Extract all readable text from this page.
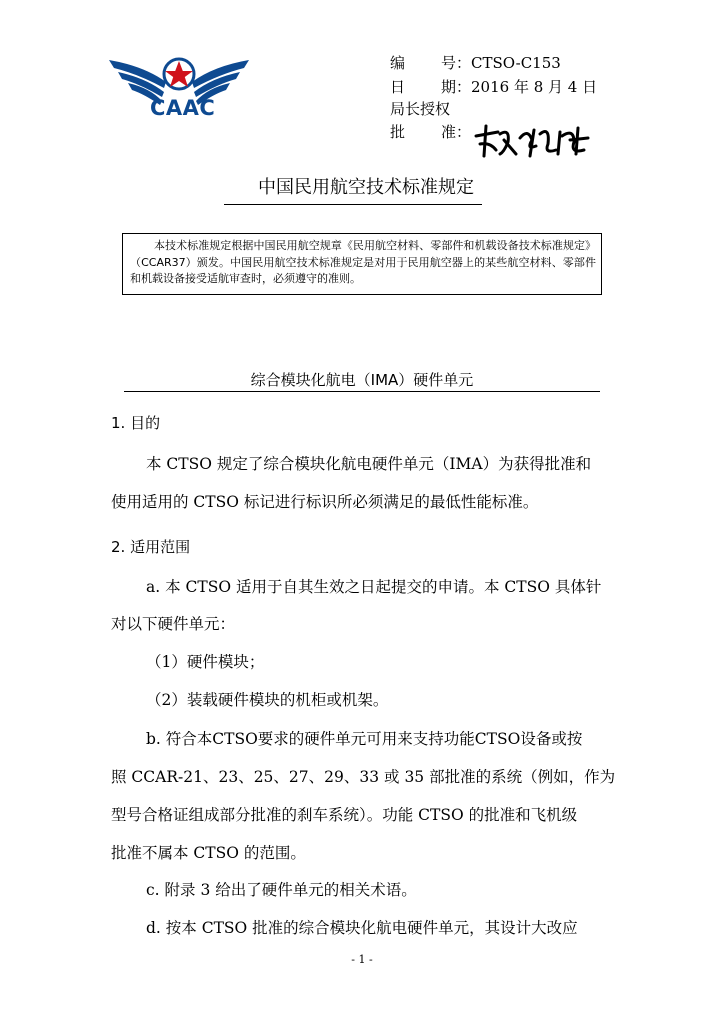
CAAC
编号：CTSO-C153
日期：2016 年 8 月 4 日
局长授权
批准：
中国民用航空技术标准规定
本技术标准规定根据中国民用航空规章《民用航空材料、零部件和机载设备技术标准规定》（CCAR37）颁发。中国民用航空技术标准规定是对用于民用航空器上的某些航空材料、零部件和机载设备接受适航审查时，必须遵守的准则。
综合模块化航电（IMA）硬件单元
1. 目的
本 CTSO 规定了综合模块化航电硬件单元（IMA）为获得批准和
使用适用的 CTSO 标记进行标识所必须满足的最低性能标准。
2. 适用范围
a. 本 CTSO 适用于自其生效之日起提交的申请。本 CTSO 具体针
对以下硬件单元：
（1）硬件模块；
（2）装载硬件模块的机柜或机架。
b. 符合本CTSO要求的硬件单元可用来支持功能CTSO设备或按
照 CCAR-21、23、25、27、29、33 或 35 部批准的系统（例如，作为
型号合格证组成部分批准的刹车系统）。功能 CTSO 的批准和飞机级
批准不属本 CTSO 的范围。
c. 附录 3 给出了硬件单元的相关术语。
d. 按本 CTSO 批准的综合模块化航电硬件单元，其设计大改应
- 1 -
